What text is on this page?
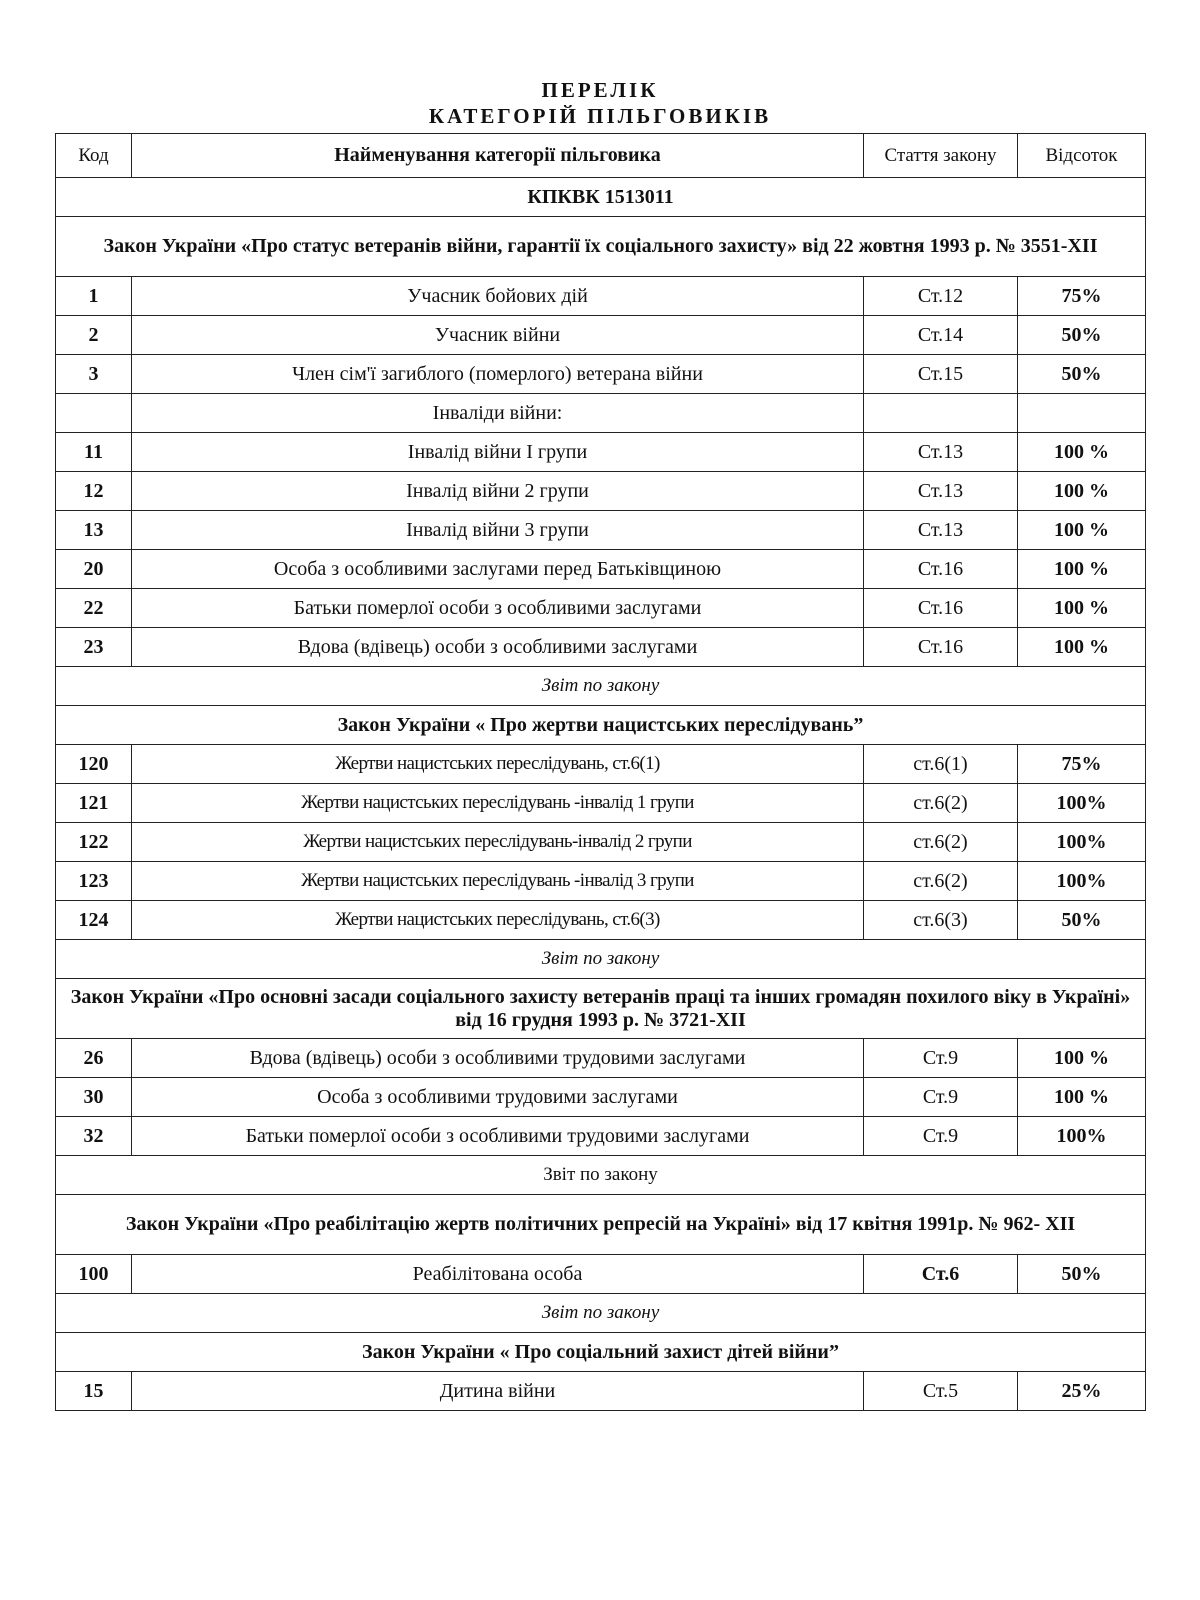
ПЕРЕЛІК
КАТЕГОРІЙ ПІЛЬГОВИКІВ
Код	Найменування категорії пільговика	Стаття закону	Відсоток
КПКВК 1513011			
Закон України «Про статус ветеранів війни, гарантії їх соціального захисту» від 22 жовтня 1993 р. № 3551-ХІІ			
1	Учасник бойових дій	Ст.12	75%
2	Учасник війни	Ст.14	50%
3	Член сім'ї загиблого (померлого) ветерана війни	Ст.15	50%
	Інваліди війни:		
11	Інвалід війни І групи	Ст.13	100 %
12	Інвалід війни 2 групи	Ст.13	100 %
13	Інвалід війни 3 групи	Ст.13	100 %
20	Особа з особливими заслугами перед Батьківщиною	Ст.16	100 %
22	Батьки померлої особи з особливими заслугами	Ст.16	100 %
23	Вдова (вдівець) особи з особливими заслугами	Ст.16	100 %
Звіт по закону			
Закон України « Про жертви нацистських переслідувань”			
120	Жертви нацистських переслідувань, ст.6(1)	ст.6(1)	75%
121	Жертви нацистських переслідувань -інвалід 1 групи	ст.6(2)	100%
122	Жертви нацистських переслідувань-інвалід 2 групи	ст.6(2)	100%
123	Жертви нацистських переслідувань -інвалід 3 групи	ст.6(2)	100%
124	Жертви нацистських переслідувань, ст.6(3)	ст.6(3)	50%
Звіт по закону			
Закон України «Про основні засади соціального захисту ветеранів праці та інших громадян похилого віку в Україні» від 16 грудня 1993 р. № 3721-ХІІ			
26	Вдова (вдівець) особи з особливими трудовими заслугами	Ст.9	100 %
30	Особа з особливими трудовими заслугами	Ст.9	100 %
32	Батьки померлої особи з особливими трудовими заслугами	Ст.9	100%
Звіт по закону			
Закон України «Про реабілітацію жертв політичних репресій на Україні» від 17 квітня 1991р. № 962- ХІІ			
100	Реабілітована особа	Ст.6	50%
Звіт по закону			
Закон України « Про соціальний захист дітей війни”			
15	Дитина війни	Ст.5	25%
